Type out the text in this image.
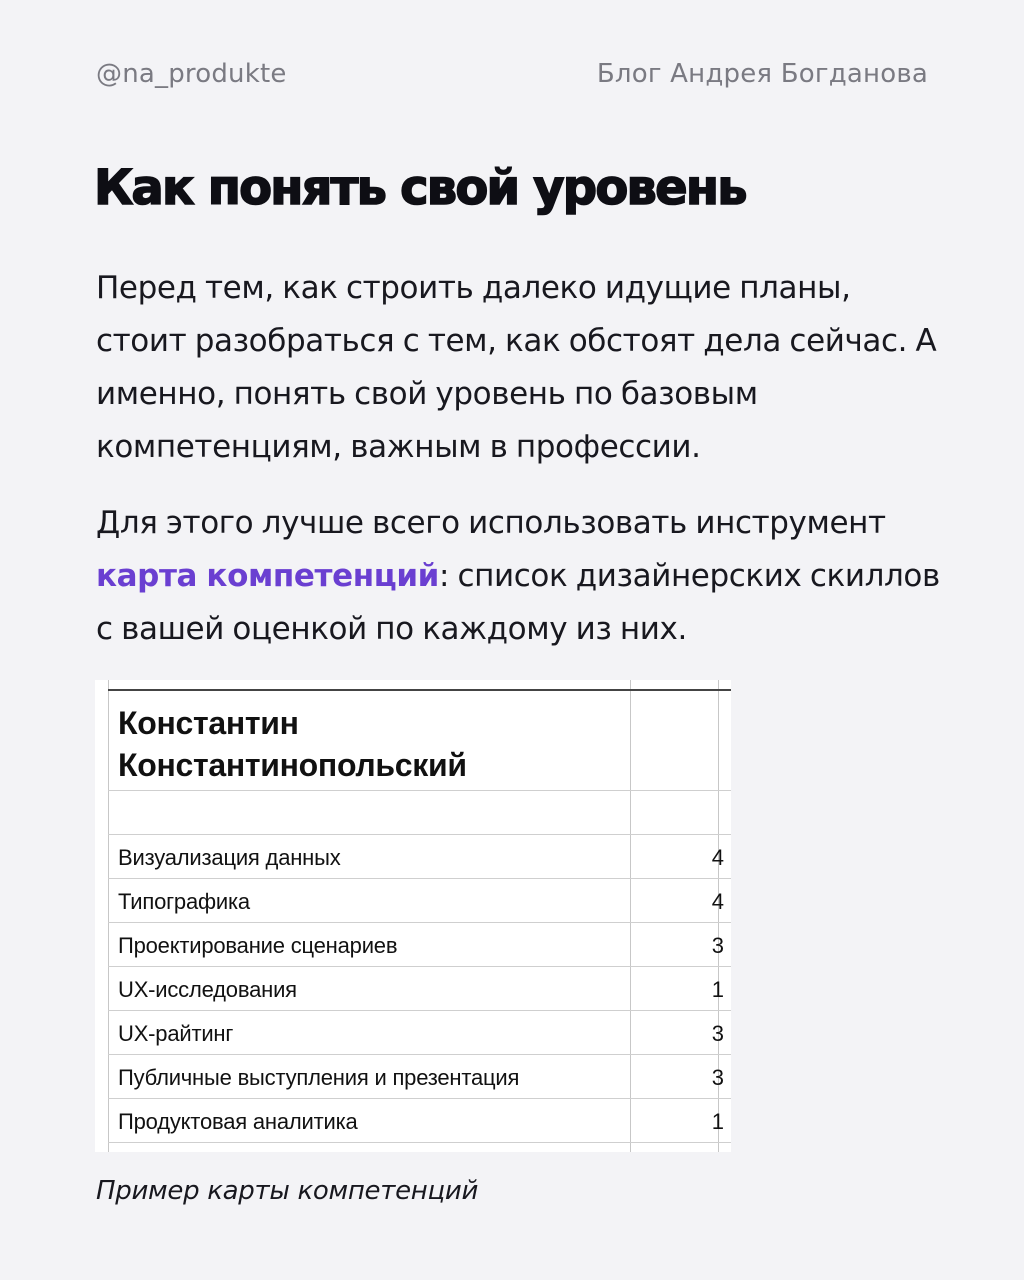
@na_produkte	Блог Андрея Богданова
Как понять свой уровень

Перед тем, как строить далеко идущие планы, стоит разобраться с тем, как обстоят дела сейчас. А именно, понять свой уровень по базовым компетенциям, важным в профессии.

Для этого лучше всего использовать инструмент карта компетенций: список дизайнерских скиллов с вашей оценкой по каждому из них.

Константин
Константинопольский
Визуализация данных	4
Типографика	4
Проектирование сценариев	3
UX-исследования	1
UX-райтинг	3
Публичные выступления и презентация	3
Продуктовая аналитика	1

Пример карты компетенций
